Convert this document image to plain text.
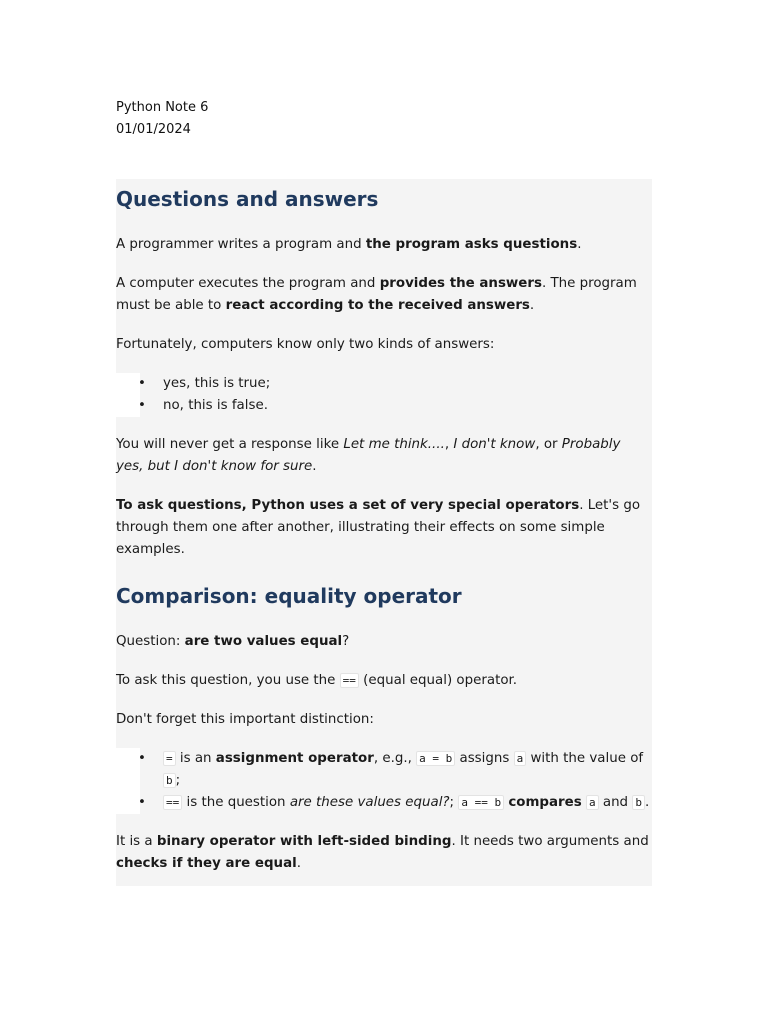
Python Note 6
01/01/2024
Questions and answers

A programmer writes a program and the program asks questions.

A computer executes the program and provides the answers. The program must be able to react according to the received answers.

Fortunately, computers know only two kinds of answers:

• yes, this is true;
• no, this is false.

You will never get a response like Let me think...., I don't know, or Probably yes, but I don't know for sure.

To ask questions, Python uses a set of very special operators. Let's go through them one after another, illustrating their effects on some simple examples.

Comparison: equality operator

Question: are two values equal?

To ask this question, you use the == (equal equal) operator.

Don't forget this important distinction:

• = is an assignment operator, e.g., a = b assigns a with the value of b ;
• == is the question are these values equal?; a == b compares a and b .

It is a binary operator with left-sided binding. It needs two arguments and checks if they are equal.
